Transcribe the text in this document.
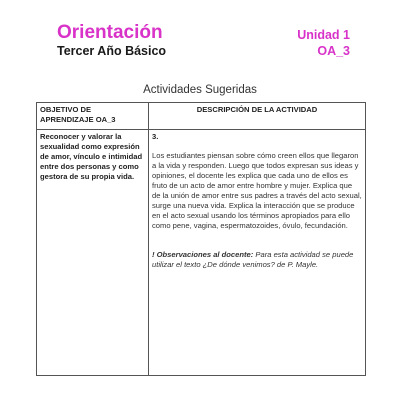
Orientación
Tercer Año Básico
Unidad 1
OA_3
Actividades Sugeridas
OBJETIVO DE APRENDIZAJE OA_3	DESCRIPCIÓN DE LA ACTIVIDAD
Reconocer y valorar la sexualidad como expresión de amor, vínculo e intimidad entre dos personas y como gestora de su propia vida.	3.
Los estudiantes piensan sobre cómo creen ellos que llegaron a la vida y responden. Luego que todos expresan sus ideas y opiniones, el docente les explica que cada uno de ellos es fruto de un acto de amor entre hombre y mujer. Explica que de la unión de amor entre sus padres a través del acto sexual, surge una nueva vida. Explica la interacción que se produce en el acto sexual usando los términos apropiados para ello como pene, vagina, espermatozoides, óvulo, fecundación.
! Observaciones al docente: Para esta actividad se puede utilizar el texto ¿De dónde venimos? de P. Mayle.
